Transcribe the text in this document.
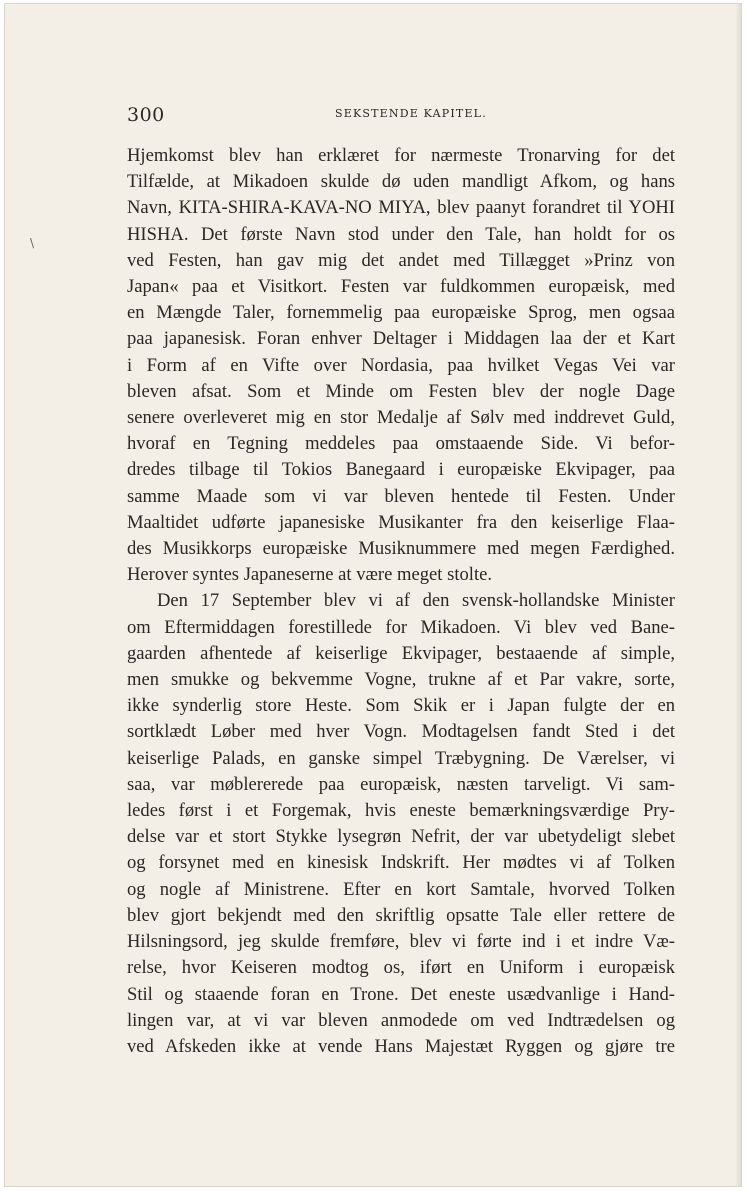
\
300	SEKSTENDE KAPITEL.
Hjemkomst blev han erklæret for nærmeste Tronarving for det
Tilfælde, at Mikadoen skulde dø uden mandligt Afkom, og hans
Navn, KITA-SHIRA-KAVA-NO MIYA, blev paanyt forandret til YOHI
HISHA. Det første Navn stod under den Tale, han holdt for os
ved Festen, han gav mig det andet med Tillægget »Prinz von
Japan« paa et Visitkort. Festen var fuldkommen europæisk, med
en Mængde Taler, fornemmelig paa europæiske Sprog, men ogsaa
paa japanesisk. Foran enhver Deltager i Middagen laa der et Kart
i Form af en Vifte over Nordasia, paa hvilket Vegas Vei var
bleven afsat. Som et Minde om Festen blev der nogle Dage
senere overleveret mig en stor Medalje af Sølv med inddrevet Guld,
hvoraf en Tegning meddeles paa omstaaende Side. Vi befor-
dredes tilbage til Tokios Banegaard i europæiske Ekvipager, paa
samme Maade som vi var bleven hentede til Festen. Under
Maaltidet udførte japanesiske Musikanter fra den keiserlige Flaa-
des Musikkorps europæiske Musiknummere med megen Færdighed.
Herover syntes Japaneserne at være meget stolte.
Den 17 September blev vi af den svensk-hollandske Minister
om Eftermiddagen forestillede for Mikadoen. Vi blev ved Bane-
gaarden afhentede af keiserlige Ekvipager, bestaaende af simple,
men smukke og bekvemme Vogne, trukne af et Par vakre, sorte,
ikke synderlig store Heste. Som Skik er i Japan fulgte der en
sortklædt Løber med hver Vogn. Modtagelsen fandt Sted i det
keiserlige Palads, en ganske simpel Træbygning. De Værelser, vi
saa, var møblererede paa europæisk, næsten tarveligt. Vi sam-
ledes først i et Forgemak, hvis eneste bemærkningsværdige Pry-
delse var et stort Stykke lysegrøn Nefrit, der var ubetydeligt slebet
og forsynet med en kinesisk Indskrift. Her mødtes vi af Tolken
og nogle af Ministrene. Efter en kort Samtale, hvorved Tolken
blev gjort bekjendt med den skriftlig opsatte Tale eller rettere de
Hilsningsord, jeg skulde fremføre, blev vi førte ind i et indre Væ-
relse, hvor Keiseren modtog os, iført en Uniform i europæisk
Stil og staaende foran en Trone. Det eneste usædvanlige i Hand-
lingen var, at vi var bleven anmodede om ved Indtrædelsen og
ved Afskeden ikke at vende Hans Majestæt Ryggen og gjøre tre
